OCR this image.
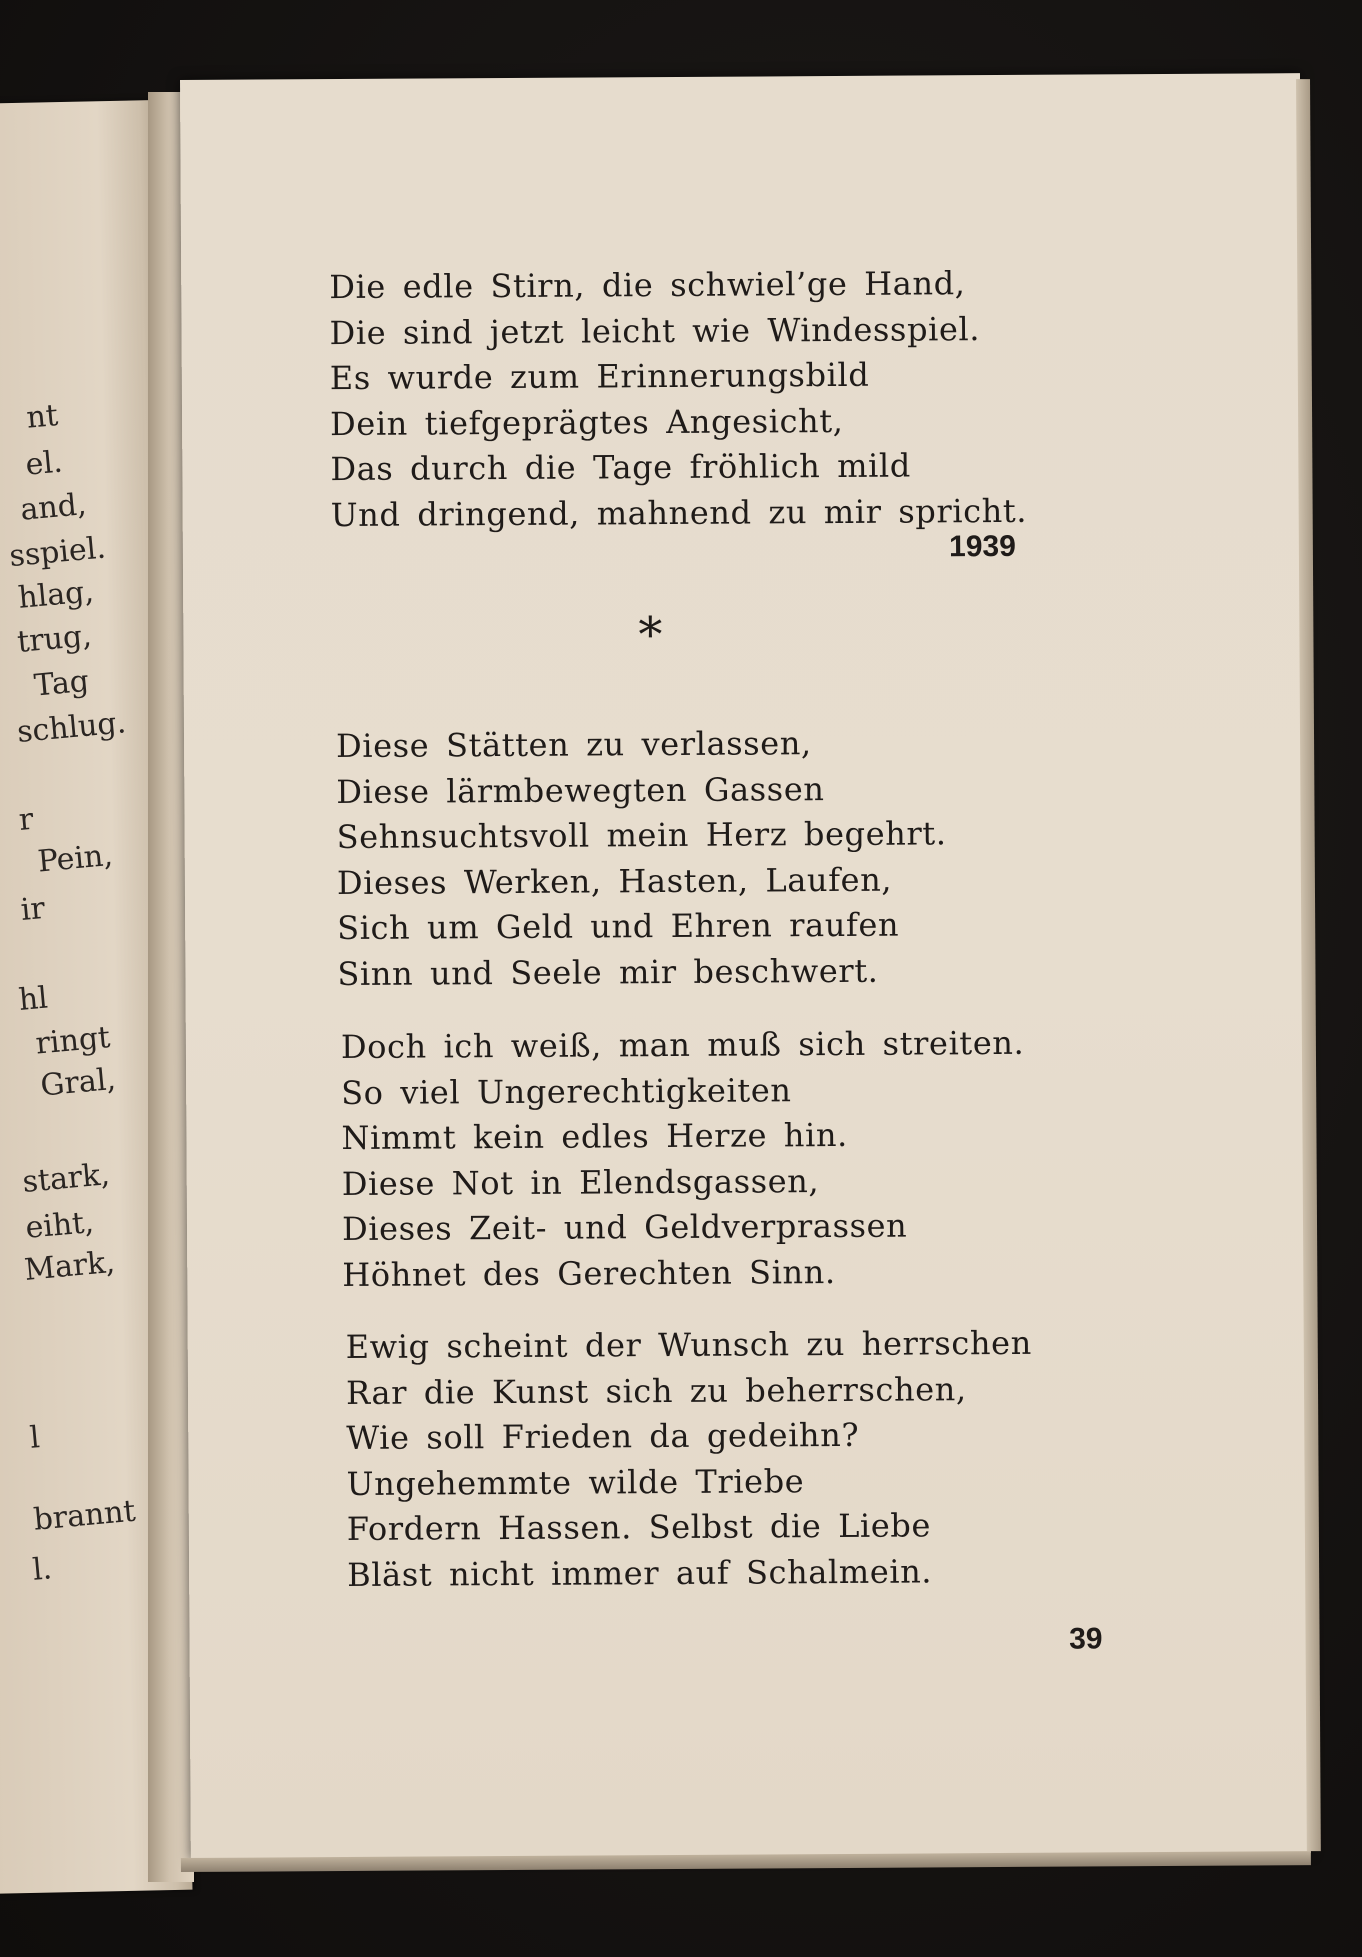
nt
el.
and,
sspiel.
hlag,
trug,
Tag
schlug.
r
Pein,
ir
hl
ringt
Gral,
stark,
eiht,
Mark,
l
brannt
l.
Die edle Stirn, die schwiel’ge Hand,
Die sind jetzt leicht wie Windesspiel.
Es wurde zum Erinnerungsbild
Dein tiefgeprägtes Angesicht,
Das durch die Tage fröhlich mild
Und dringend, mahnend zu mir spricht.
1939
*
Diese Stätten zu verlassen,
Diese lärmbewegten Gassen
Sehnsuchtsvoll mein Herz begehrt.
Dieses Werken, Hasten, Laufen,
Sich um Geld und Ehren raufen
Sinn und Seele mir beschwert.
Doch ich weiß, man muß sich streiten.
So viel Ungerechtigkeiten
Nimmt kein edles Herze hin.
Diese Not in Elendsgassen,
Dieses Zeit- und Geldverprassen
Höhnet des Gerechten Sinn.
Ewig scheint der Wunsch zu herrschen
Rar die Kunst sich zu beherrschen,
Wie soll Frieden da gedeihn?
Ungehemmte wilde Triebe
Fordern Hassen. Selbst die Liebe
Bläst nicht immer auf Schalmein.
39
